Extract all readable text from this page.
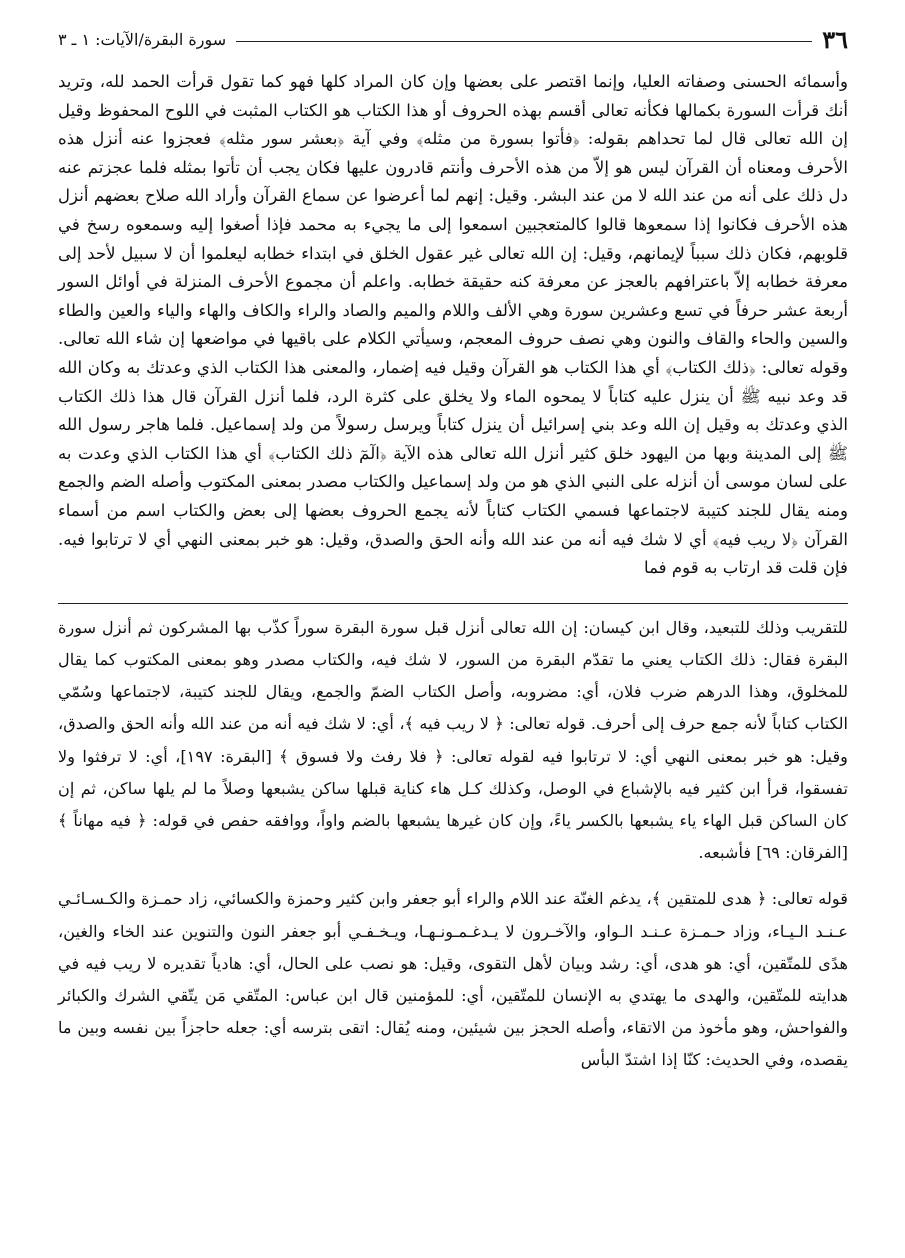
٣٦
سورة البقرة/الآيات: ١ ـ ٣

وأسمائه الحسنى وصفاته العليا، وإنما اقتصر على بعضها وإن كان المراد كلها فهو كما تقول قرأت الحمد لله، وتريد أنك قرأت السورة بكمالها فكأنه تعالى أقسم بهذه الحروف أو هذا الكتاب هو الكتاب المثبت في اللوح المحفوظ وقيل إن الله تعالى قال لما تحداهم بقوله: ﴿فأتوا بسورة من مثله﴾ وفي آية ﴿بعشر سور مثله﴾ فعجزوا عنه أنزل هذه الأحرف ومعناه أن القرآن ليس هو إلاّ من هذه الأحرف وأنتم قادرون عليها فكان يجب أن تأتوا بمثله فلما عجزتم عنه دل ذلك على أنه من عند الله لا من عند البشر. وقيل: إنهم لما أعرضوا عن سماع القرآن وأراد الله صلاح بعضهم أنزل هذه الأحرف فكانوا إذا سمعوها قالوا كالمتعجبين اسمعوا إلى ما يجيء به محمد فإذا أصغوا إليه وسمعوه رسخ في قلوبهم، فكان ذلك سبباً لإيمانهم، وقيل: إن الله تعالى غير عقول الخلق في ابتداء خطابه ليعلموا أن لا سبيل لأحد إلى معرفة خطابه إلاّ باعترافهم بالعجز عن معرفة كنه حقيقة خطابه. واعلم أن مجموع الأحرف المنزلة في أوائل السور أربعة عشر حرفاً في تسع وعشرين سورة وهي الألف واللام والميم والصاد والراء والكاف والهاء والياء والعين والطاء والسين والحاء والقاف والنون وهي نصف حروف المعجم، وسيأتي الكلام على باقيها في مواضعها إن شاء الله تعالى. وقوله تعالى: ﴿ذلك الكتاب﴾ أي هذا الكتاب هو القرآن وقيل فيه إضمار، والمعنى هذا الكتاب الذي وعدتك به وكان الله قد وعد نبيه ﷺ أن ينزل عليه كتاباً لا يمحوه الماء ولا يخلق على كثرة الرد، فلما أنزل القرآن قال هذا ذلك الكتاب الذي وعدتك به وقيل إن الله وعد بني إسرائيل أن ينزل كتاباً ويرسل رسولاً من ولد إسماعيل. فلما هاجر رسول الله ﷺ إلى المدينة وبها من اليهود خلق كثير أنزل الله تعالى هذه الآية ﴿الٓمٓ ذلك الكتاب﴾ أي هذا الكتاب الذي وعدت به على لسان موسى أن أنزله على النبي الذي هو من ولد إسماعيل والكتاب مصدر بمعنى المكتوب وأصله الضم والجمع ومنه يقال للجند كتيبة لاجتماعها فسمي الكتاب كتاباً لأنه يجمع الحروف بعضها إلى بعض والكتاب اسم من أسماء القرآن ﴿لا ريب فيه﴾ أي لا شك فيه أنه من عند الله وأنه الحق والصدق، وقيل: هو خبر بمعنى النهي أي لا ترتابوا فيه. فإن قلت قد ارتاب به قوم فما

للتقريب وذلك للتبعيد، وقال ابن كيسان: إن الله تعالى أنزل قبل سورة البقرة سوراً كذّب بها المشركون ثم أنزل سورة البقرة فقال: ذلك الكتاب يعني ما تقدّم البقرة من السور، لا شك فيه، والكتاب مصدر وهو بمعنى المكتوب كما يقال للمخلوق، وهذا الدرهم ضرب فلان، أي: مضروبه، وأصل الكتاب الضمّ والجمع، ويقال للجند كتيبة، لاجتماعها وسُمّي الكتاب كتاباً لأنه جمع حرف إلى أحرف. قوله تعالى: ﴿ لا ريب فيه ﴾، أي: لا شك فيه أنه من عند الله وأنه الحق والصدق، وقيل: هو خبر بمعنى النهي أي: لا ترتابوا فيه لقوله تعالى: ﴿ فلا رفث ولا فسوق ﴾ [البقرة: ١٩٧]، أي: لا ترفثوا ولا تفسقوا، قرأ ابن كثير فيه بالإشباع في الوصل، وكذلك كـل هاء كناية قبلها ساكن يشبعها وصلاً ما لم يلها ساكن، ثم إن كان الساكن قبل الهاء ياء يشبعها بالكسر ياءً، وإن كان غيرها يشبعها بالضم واواً، ووافقه حفص في قوله: ﴿ فيه مهاناً ﴾ [الفرقان: ٦٩] فأشبعه.

قوله تعالى: ﴿ هدى للمتقين ﴾، يدغم الغنّة عند اللام والراء أبو جعفر وابن كثير وحمزة والكسائي، زاد حمـزة والكـسـائـي عـنـد الـيـاء، وزاد حـمـزة عـنـد الـواو، والآخـرون لا يـدغـمـونـهـا، ويـخـفـي أبو جعفر النون والتنوين عند الخاء والغين، هدًى للمتّقين، أي: هو هدى، أي: رشد وبيان لأهل التقوى، وقيل: هو نصب على الحال، أي: هادياً تقديره لا ريب فيه في هدايته للمتّقين، والهدى ما يهتدي به الإنسان للمتّقين، أي: للمؤمنين قال ابن عباس: المتّقي مَن يتّقي الشرك والكبائر والفواحش، وهو مأخوذ من الاتقاء، وأصله الحجز بين شيئين، ومنه يُقال: اتقى بترسه أي: جعله حاجزاً بين نفسه وبين ما يقصده، وفي الحديث: كنّا إذا اشتدّ البأس
